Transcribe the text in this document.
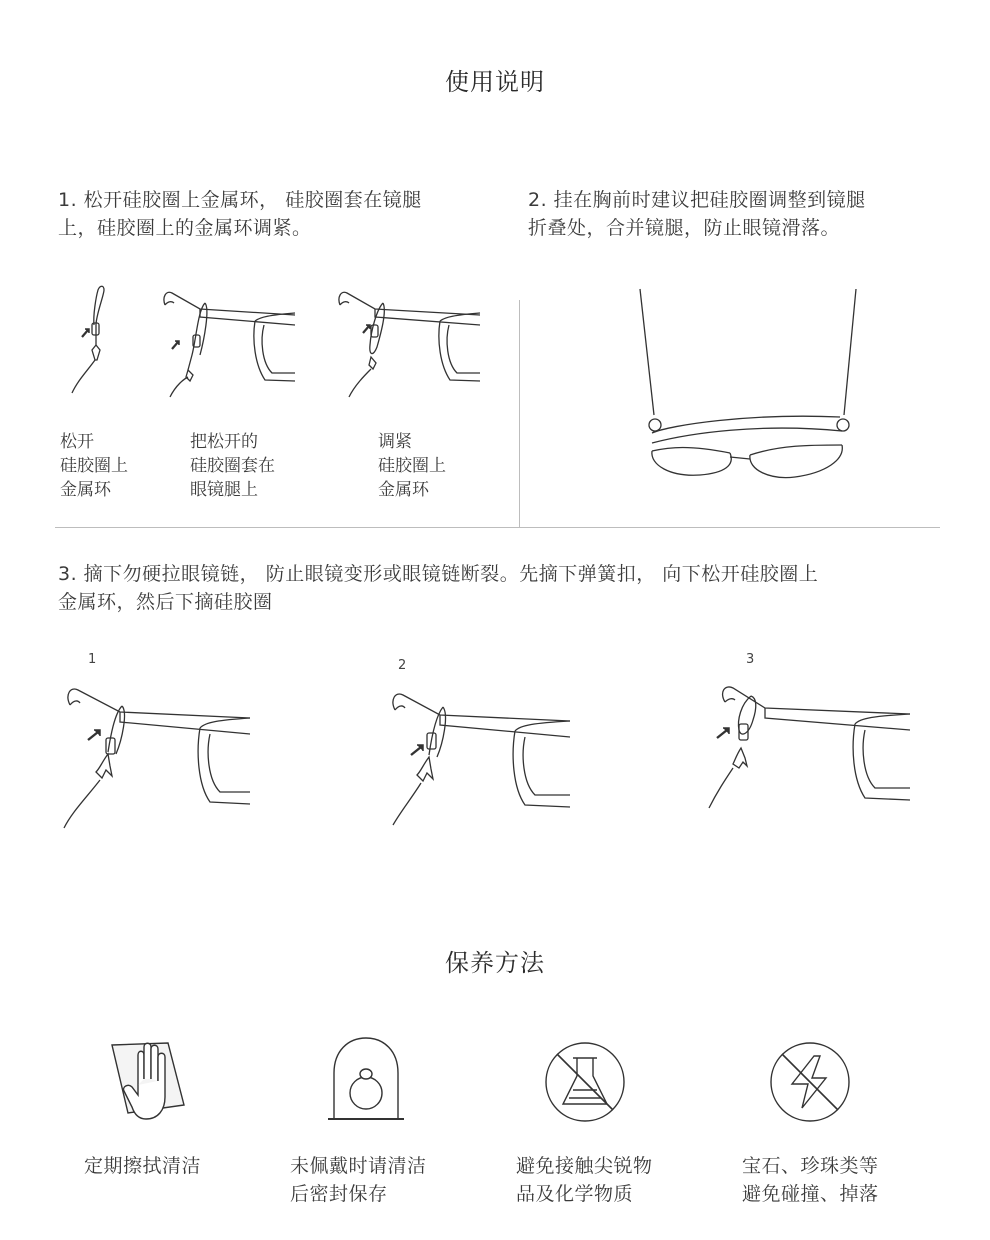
使用说明
1. 松开硅胶圈上金属环， 硅胶圈套在镜腿
上，硅胶圈上的金属环调紧。
2. 挂在胸前时建议把硅胶圈调整到镜腿
折叠处，合并镜腿，防止眼镜滑落。
松开
硅胶圈上
金属环
把松开的
硅胶圈套在
眼镜腿上
调紧
硅胶圈上
金属环
3. 摘下勿硬拉眼镜链， 防止眼镜变形或眼镜链断裂。先摘下弹簧扣， 向下松开硅胶圈上
金属环，然后下摘硅胶圈
1	2	3
保养方法
定期擦拭清洁	未佩戴时请清洁
后密封保存
避免接触尖锐物
品及化学物质
宝石、珍珠类等
避免碰撞、掉落
